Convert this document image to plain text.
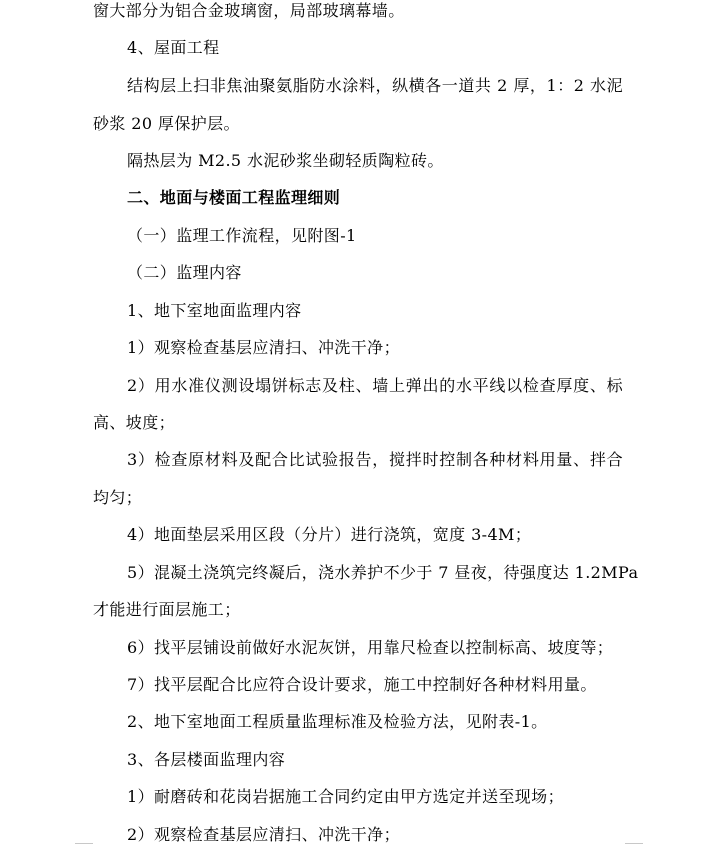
窗大部分为铝合金玻璃窗，局部玻璃幕墙。
4、屋面工程
结构层上扫非焦油聚氨脂防水涂料，纵横各一道共 2 厚，1：2 水泥
砂浆 20 厚保护层。
隔热层为 M2.5 水泥砂浆坐砌轻质陶粒砖。
二、地面与楼面工程监理细则
（一）监理工作流程，见附图-1
（二）监理内容
1、地下室地面监理内容
1）观察检查基层应清扫、冲洗干净；
2）用水准仪测设塌饼标志及柱、墙上弹出的水平线以检查厚度、标
高、坡度；
3）检查原材料及配合比试验报告，搅拌时控制各种材料用量、拌合
均匀；
4）地面垫层采用区段（分片）进行浇筑，宽度 3-4M；
5）混凝土浇筑完终凝后，浇水养护不少于 7 昼夜，待强度达 1.2MPa
才能进行面层施工；
6）找平层铺设前做好水泥灰饼，用靠尺检查以控制标高、坡度等；
7）找平层配合比应符合设计要求，施工中控制好各种材料用量。
2、地下室地面工程质量监理标准及检验方法，见附表-1。
3、各层楼面监理内容
1）耐磨砖和花岗岩据施工合同约定由甲方选定并送至现场；
2）观察检查基层应清扫、冲洗干净；
